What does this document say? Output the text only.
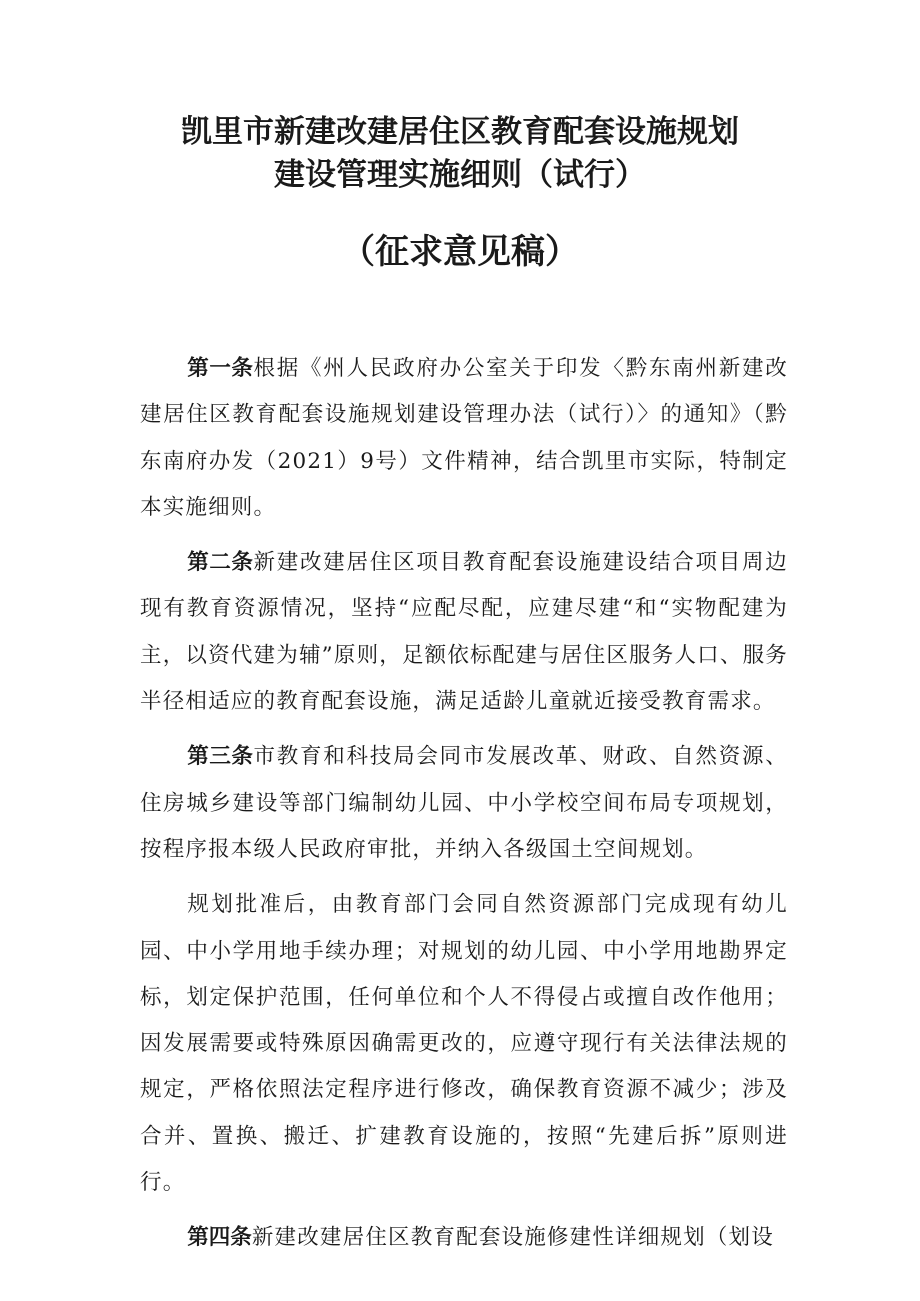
凯里市新建改建居住区教育配套设施规划
建设管理实施细则（试行）
（征求意见稿）

第一条根据《州人民政府办公室关于印发〈黔东南州新建改建居住区教育配套设施规划建设管理办法（试行）〉的通知》（黔东南府办发（2021）9号）文件精神，结合凯里市实际，特制定本实施细则。

第二条新建改建居住区项目教育配套设施建设结合项目周边现有教育资源情况，坚持“应配尽配，应建尽建“和“实物配建为主，以资代建为辅”原则，足额依标配建与居住区服务人口、服务半径相适应的教育配套设施，满足适龄儿童就近接受教育需求。

第三条市教育和科技局会同市发展改革、财政、自然资源、住房城乡建设等部门编制幼儿园、中小学校空间布局专项规划，按程序报本级人民政府审批，并纳入各级国土空间规划。

规划批准后，由教育部门会同自然资源部门完成现有幼儿园、中小学用地手续办理；对规划的幼儿园、中小学用地勘界定标，划定保护范围，任何单位和个人不得侵占或擅自改作他用；因发展需要或特殊原因确需更改的，应遵守现行有关法律法规的规定，严格依照法定程序进行修改，确保教育资源不减少；涉及合并、置换、搬迁、扩建教育设施的，按照“先建后拆”原则进行。

第四条新建改建居住区教育配套设施修建性详细规划（划设
